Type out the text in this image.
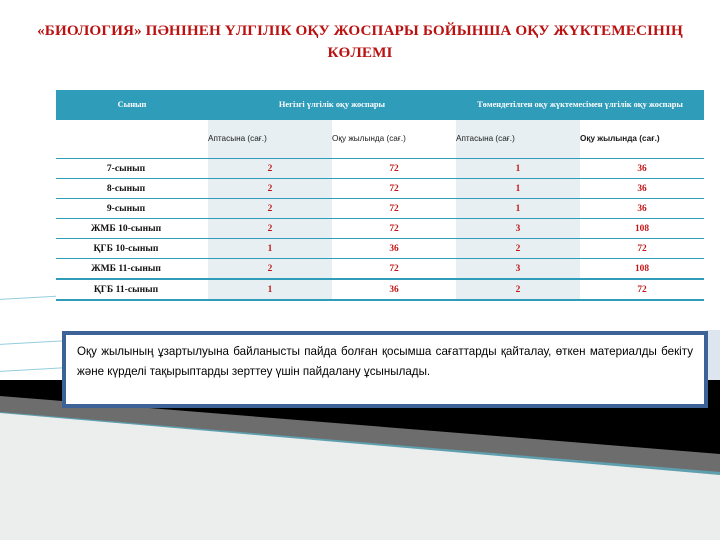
«БИОЛОГИЯ» ПӘНІНЕН ҮЛГІЛІК ОҚУ ЖОСПАРЫ БОЙЫНША ОҚУ ЖҮКТЕМЕСІНІҢ КӨЛЕМІ
Сынып	Негізгі үлгілік оқу жоспары		Төмендетілген оқу жүктемесімен үлгілік оқу жоспары	
	Аптасына (сағ.)	Оқу жылында (сағ.)	Аптасына (сағ.)	Оқу жылында (сағ.)
7-сынып	2	72	1	36
8-сынып	2	72	1	36
9-сынып	2	72	1	36
ЖМБ 10-сынып	2	72	3	108
ҚГБ 10-сынып	1	36	2	72
ЖМБ 11-сынып	2	72	3	108
ҚГБ 11-сынып	1	36	2	72

Оқу жылының ұзартылуына байланысты пайда болған қосымша сағаттарды қайталау, өткен материалды бекіту және күрделі тақырыптарды зерттеу үшін пайдалану ұсынылады.
